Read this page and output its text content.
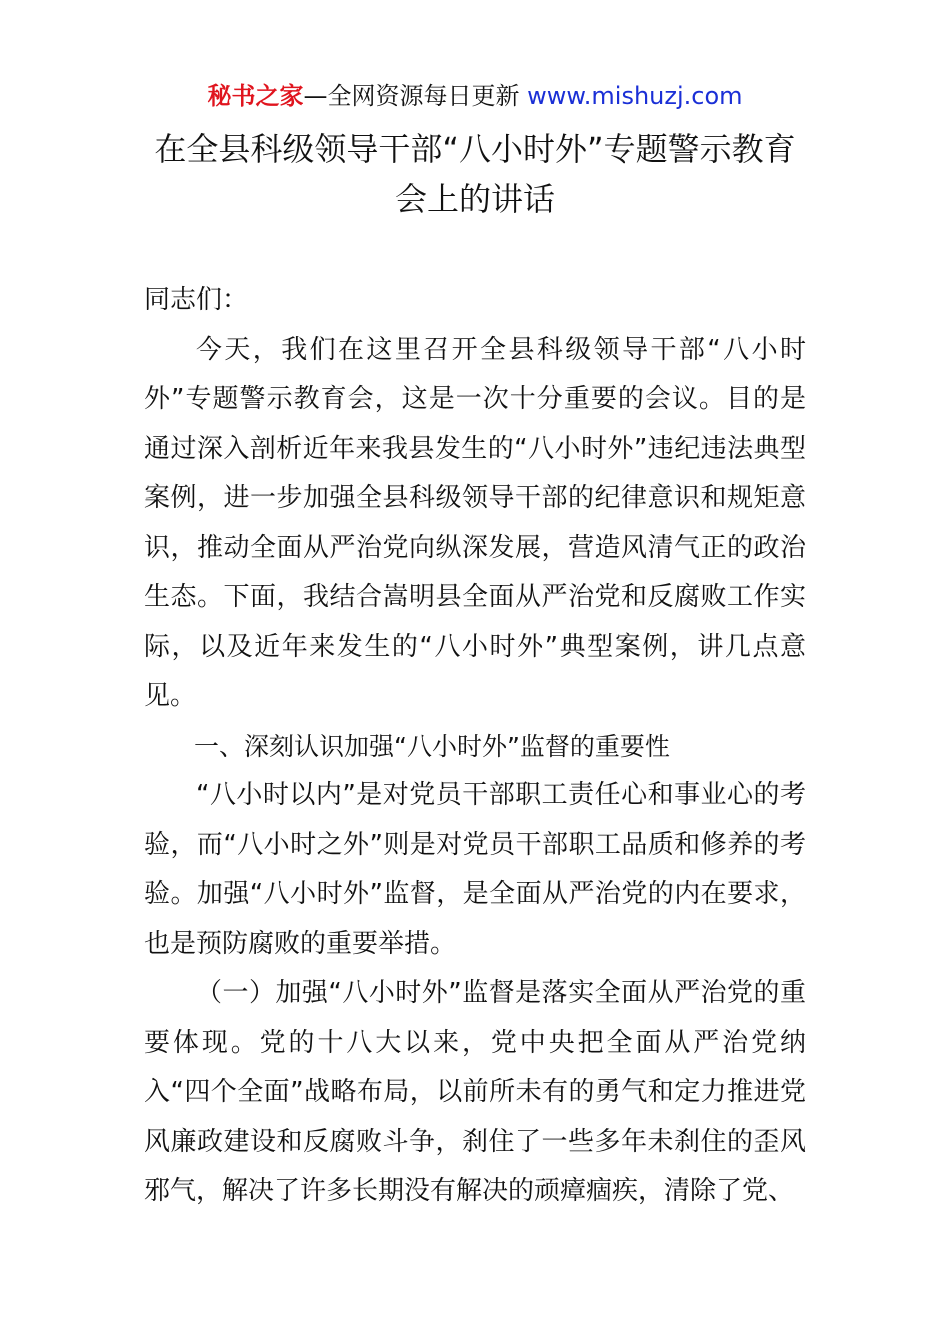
秘书之家—全网资源每日更新 www.mishuzj.com
在全县科级领导干部“八小时外”专题警示教育会上的讲话

同志们：

今天，我们在这里召开全县科级领导干部“八小时外”专题警示教育会，这是一次十分重要的会议。目的是通过深入剖析近年来我县发生的“八小时外”违纪违法典型案例，进一步加强全县科级领导干部的纪律意识和规矩意识，推动全面从严治党向纵深发展，营造风清气正的政治生态。下面，我结合嵩明县全面从严治党和反腐败工作实际，以及近年来发生的“八小时外”典型案例，讲几点意见。

一、深刻认识加强“八小时外”监督的重要性

“八小时以内”是对党员干部职工责任心和事业心的考验，而“八小时之外”则是对党员干部职工品质和修养的考验。加强“八小时外”监督，是全面从严治党的内在要求，也是预防腐败的重要举措。

（一）加强“八小时外”监督是落实全面从严治党的重要体现。党的十八大以来，党中央把全面从严治党纳入“四个全面”战略布局，以前所未有的勇气和定力推进党风廉政建设和反腐败斗争，刹住了一些多年未刹住的歪风邪气，解决了许多长期没有解决的顽瘴痼疾，清除了党、
